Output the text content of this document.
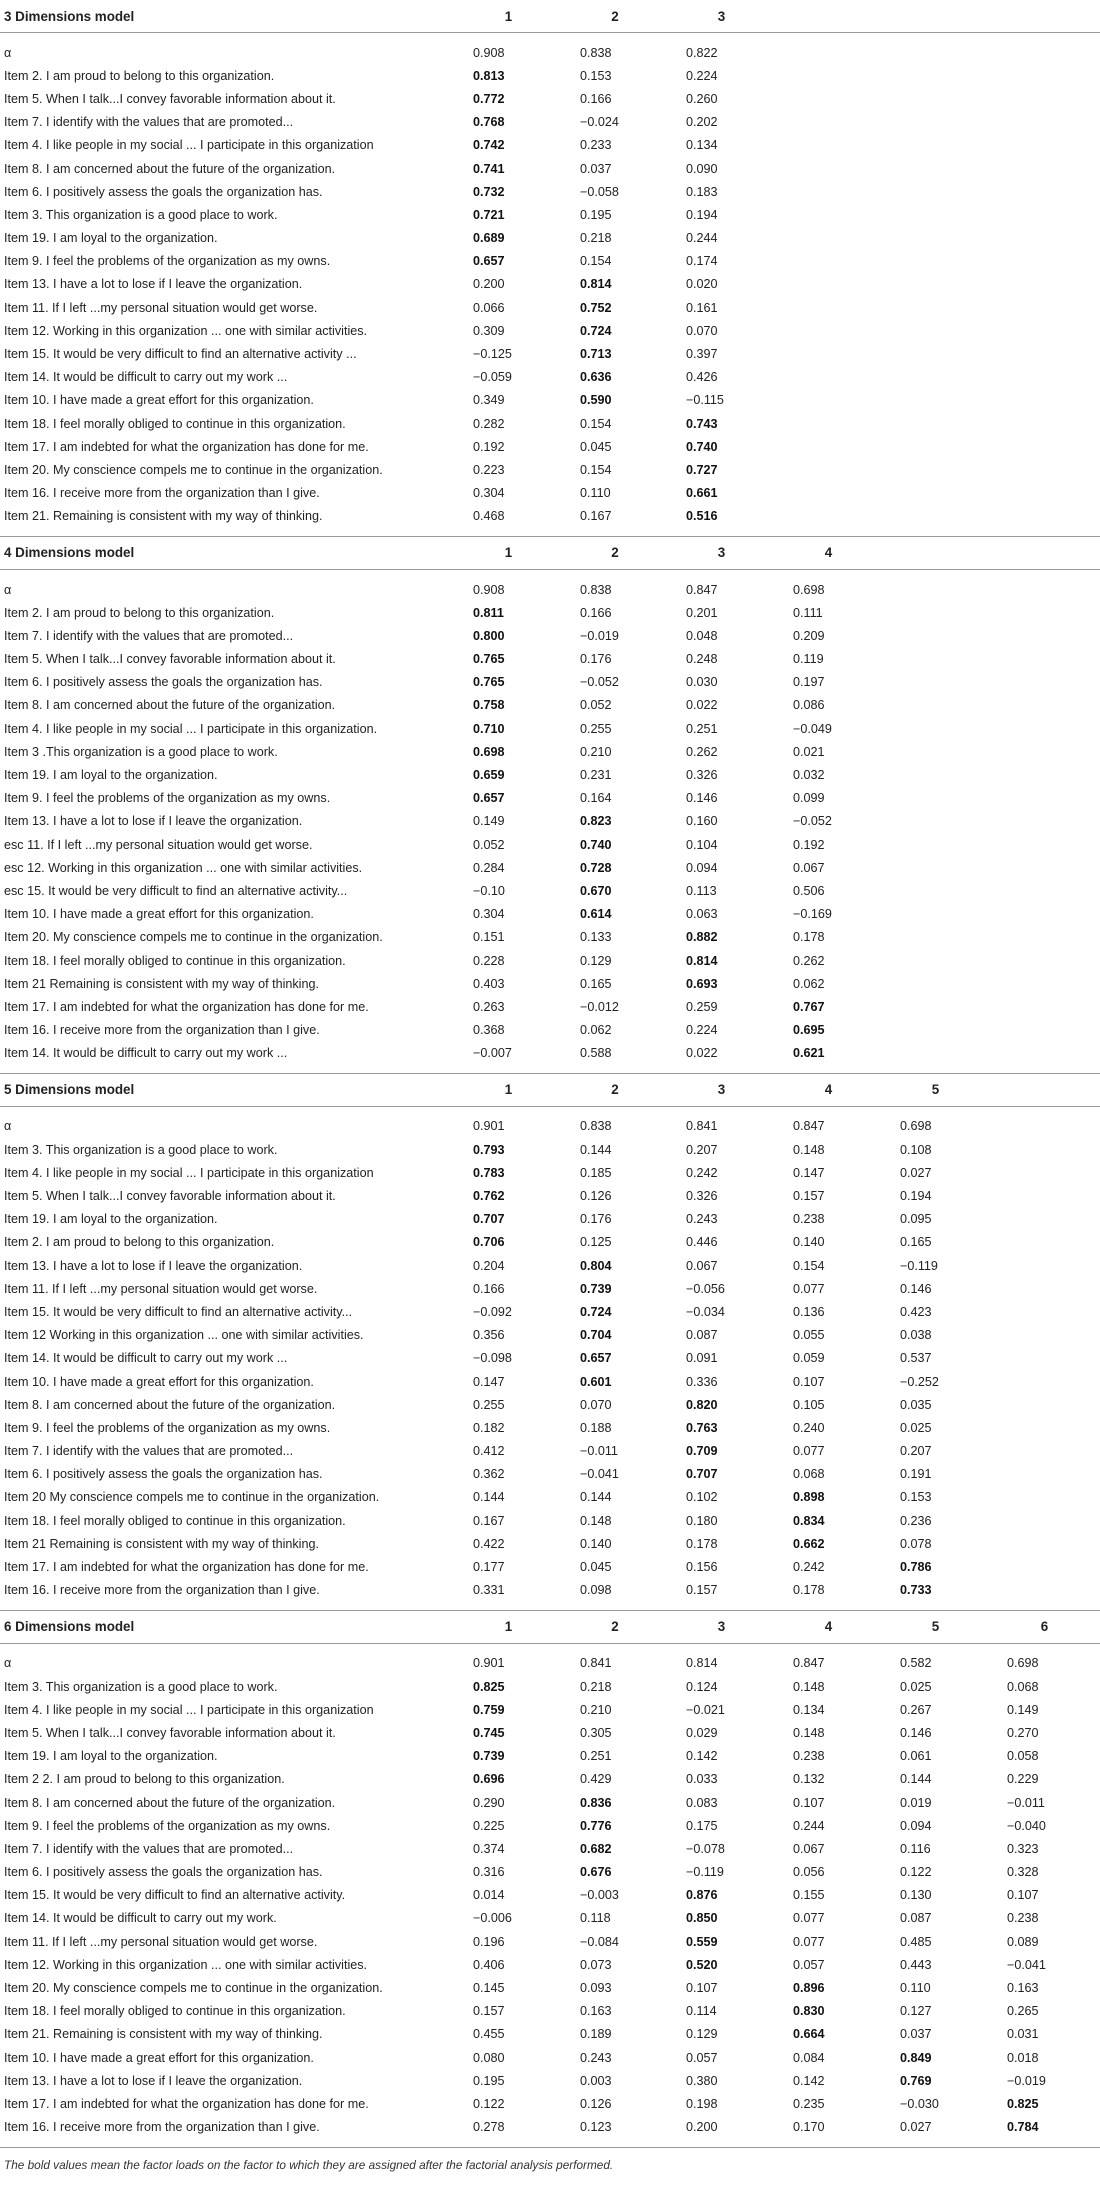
3 Dimensions model	1	2	3			

α	0.908	0.838	0.822			
Item 2. I am proud to belong to this organization.	0.813	0.153	0.224			
Item 5. When I talk...I convey favorable information about it.	0.772	0.166	0.260			
Item 7. I identify with the values that are promoted...	0.768	−0.024	0.202			
Item 4. I like people in my social ... I participate in this organization	0.742	0.233	0.134			
Item 8. I am concerned about the future of the organization.	0.741	0.037	0.090			
Item 6. I positively assess the goals the organization has.	0.732	−0.058	0.183			
Item 3. This organization is a good place to work.	0.721	0.195	0.194			
Item 19. I am loyal to the organization.	0.689	0.218	0.244			
Item 9. I feel the problems of the organization as my owns.	0.657	0.154	0.174			
Item 13. I have a lot to lose if I leave the organization.	0.200	0.814	0.020			
Item 11. If I left ...my personal situation would get worse.	0.066	0.752	0.161			
Item 12. Working in this organization ... one with similar activities.	0.309	0.724	0.070			
Item 15. It would be very difficult to find an alternative activity ...	−0.125	0.713	0.397			
Item 14. It would be difficult to carry out my work ...	−0.059	0.636	0.426			
Item 10. I have made a great effort for this organization.	0.349	0.590	−0.115			
Item 18. I feel morally obliged to continue in this organization.	0.282	0.154	0.743			
Item 17. I am indebted for what the organization has done for me.	0.192	0.045	0.740			
Item 20. My conscience compels me to continue in the organization.	0.223	0.154	0.727			
Item 16. I receive more from the organization than I give.	0.304	0.110	0.661			
Item 21. Remaining is consistent with my way of thinking.	0.468	0.167	0.516			

4 Dimensions model	1	2	3	4		

α	0.908	0.838	0.847	0.698		
Item 2. I am proud to belong to this organization.	0.811	0.166	0.201	0.111		
Item 7. I identify with the values that are promoted...	0.800	−0.019	0.048	0.209		
Item 5. When I talk...I convey favorable information about it.	0.765	0.176	0.248	0.119		
Item 6. I positively assess the goals the organization has.	0.765	−0.052	0.030	0.197		
Item 8. I am concerned about the future of the organization.	0.758	0.052	0.022	0.086		
Item 4. I like people in my social ... I participate in this organization.	0.710	0.255	0.251	−0.049		
Item 3 .This organization is a good place to work.	0.698	0.210	0.262	0.021		
Item 19. I am loyal to the organization.	0.659	0.231	0.326	0.032		
Item 9. I feel the problems of the organization as my owns.	0.657	0.164	0.146	0.099		
Item 13. I have a lot to lose if I leave the organization.	0.149	0.823	0.160	−0.052		
esc 11. If I left ...my personal situation would get worse.	0.052	0.740	0.104	0.192		
esc 12. Working in this organization ... one with similar activities.	0.284	0.728	0.094	0.067		
esc 15. It would be very difficult to find an alternative activity...	−0.10	0.670	0.113	0.506		
Item 10. I have made a great effort for this organization.	0.304	0.614	0.063	−0.169		
Item 20. My conscience compels me to continue in the organization.	0.151	0.133	0.882	0.178		
Item 18. I feel morally obliged to continue in this organization.	0.228	0.129	0.814	0.262		
Item 21 Remaining is consistent with my way of thinking.	0.403	0.165	0.693	0.062		
Item 17. I am indebted for what the organization has done for me.	0.263	−0.012	0.259	0.767		
Item 16. I receive more from the organization than I give.	0.368	0.062	0.224	0.695		
Item 14. It would be difficult to carry out my work ...	−0.007	0.588	0.022	0.621		

5 Dimensions model	1	2	3	4	5	

α	0.901	0.838	0.841	0.847	0.698	
Item 3. This organization is a good place to work.	0.793	0.144	0.207	0.148	0.108	
Item 4. I like people in my social ... I participate in this organization	0.783	0.185	0.242	0.147	0.027	
Item 5. When I talk...I convey favorable information about it.	0.762	0.126	0.326	0.157	0.194	
Item 19. I am loyal to the organization.	0.707	0.176	0.243	0.238	0.095	
Item 2. I am proud to belong to this organization.	0.706	0.125	0.446	0.140	0.165	
Item 13. I have a lot to lose if I leave the organization.	0.204	0.804	0.067	0.154	−0.119	
Item 11. If I left ...my personal situation would get worse.	0.166	0.739	−0.056	0.077	0.146	
Item 15. It would be very difficult to find an alternative activity...	−0.092	0.724	−0.034	0.136	0.423	
Item 12 Working in this organization ... one with similar activities.	0.356	0.704	0.087	0.055	0.038	
Item 14. It would be difficult to carry out my work ...	−0.098	0.657	0.091	0.059	0.537	
Item 10. I have made a great effort for this organization.	0.147	0.601	0.336	0.107	−0.252	
Item 8. I am concerned about the future of the organization.	0.255	0.070	0.820	0.105	0.035	
Item 9. I feel the problems of the organization as my owns.	0.182	0.188	0.763	0.240	0.025	
Item 7. I identify with the values that are promoted...	0.412	−0.011	0.709	0.077	0.207	
Item 6. I positively assess the goals the organization has.	0.362	−0.041	0.707	0.068	0.191	
Item 20 My conscience compels me to continue in the organization.	0.144	0.144	0.102	0.898	0.153	
Item 18. I feel morally obliged to continue in this organization.	0.167	0.148	0.180	0.834	0.236	
Item 21 Remaining is consistent with my way of thinking.	0.422	0.140	0.178	0.662	0.078	
Item 17. I am indebted for what the organization has done for me.	0.177	0.045	0.156	0.242	0.786	
Item 16. I receive more from the organization than I give.	0.331	0.098	0.157	0.178	0.733	

6 Dimensions model	1	2	3	4	5	6

α	0.901	0.841	0.814	0.847	0.582	0.698
Item 3. This organization is a good place to work.	0.825	0.218	0.124	0.148	0.025	0.068
Item 4. I like people in my social ... I participate in this organization	0.759	0.210	−0.021	0.134	0.267	0.149
Item 5. When I talk...I convey favorable information about it.	0.745	0.305	0.029	0.148	0.146	0.270
Item 19. I am loyal to the organization.	0.739	0.251	0.142	0.238	0.061	0.058
Item 2 2. I am proud to belong to this organization.	0.696	0.429	0.033	0.132	0.144	0.229
Item 8. I am concerned about the future of the organization.	0.290	0.836	0.083	0.107	0.019	−0.011
Item 9. I feel the problems of the organization as my owns.	0.225	0.776	0.175	0.244	0.094	−0.040
Item 7. I identify with the values that are promoted...	0.374	0.682	−0.078	0.067	0.116	0.323
Item 6. I positively assess the goals the organization has.	0.316	0.676	−0.119	0.056	0.122	0.328
Item 15. It would be very difficult to find an alternative activity.	0.014	−0.003	0.876	0.155	0.130	0.107
Item 14. It would be difficult to carry out my work.	−0.006	0.118	0.850	0.077	0.087	0.238
Item 11. If I left ...my personal situation would get worse.	0.196	−0.084	0.559	0.077	0.485	0.089
Item 12. Working in this organization ... one with similar activities.	0.406	0.073	0.520	0.057	0.443	−0.041
Item 20. My conscience compels me to continue in the organization.	0.145	0.093	0.107	0.896	0.110	0.163
Item 18. I feel morally obliged to continue in this organization.	0.157	0.163	0.114	0.830	0.127	0.265
Item 21. Remaining is consistent with my way of thinking.	0.455	0.189	0.129	0.664	0.037	0.031
Item 10. I have made a great effort for this organization.	0.080	0.243	0.057	0.084	0.849	0.018
Item 13. I have a lot to lose if I leave the organization.	0.195	0.003	0.380	0.142	0.769	−0.019
Item 17. I am indebted for what the organization has done for me.	0.122	0.126	0.198	0.235	−0.030	0.825
Item 16. I receive more from the organization than I give.	0.278	0.123	0.200	0.170	0.027	0.784

The bold values mean the factor loads on the factor to which they are assigned after the factorial analysis performed.
